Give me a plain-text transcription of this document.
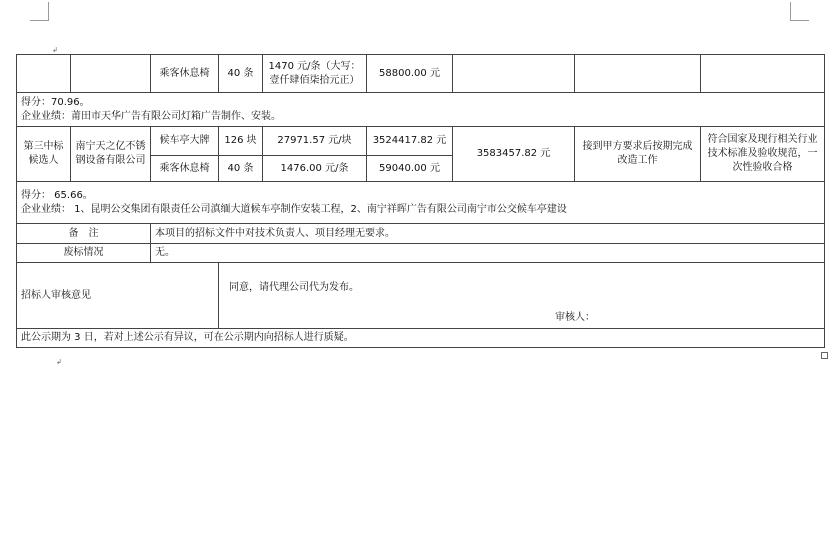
↲
		乘客休息椅	40 条	1470 元/条（大写：壹仟肆佰柒拾元正）	58800.00 元			

得分：70.96。
企业业绩：莆田市天华广告有限公司灯箱广告制作、安装。								

第三中标候选人	南宁天之亿不锈钢设备有限公司	候车亭大牌	126 块	27971.57 元/块	3524417.82 元	3583457.82 元	接到甲方要求后按期完成改造工作	符合国家及现行相关行业技术标准及验收规范，一次性验收合格
		乘客休息椅	40 条	1476.00 元/条	59040.00 元			

得分： 65.66。
企业业绩： 1、昆明公交集团有限责任公司滇缅大道候车亭制作安装工程，2、南宁祥晖广告有限公司南宁市公交候车亭建设								

备　注		本项目的招标文件中对技术负责人、项目经理无要求。						
废标情况		无。						
招标人审核意见			同意，请代理公司代为发布。
审核人：					

此公示期为 3 日，若对上述公示有异议，可在公示期内向招标人进行质疑。								
↲
